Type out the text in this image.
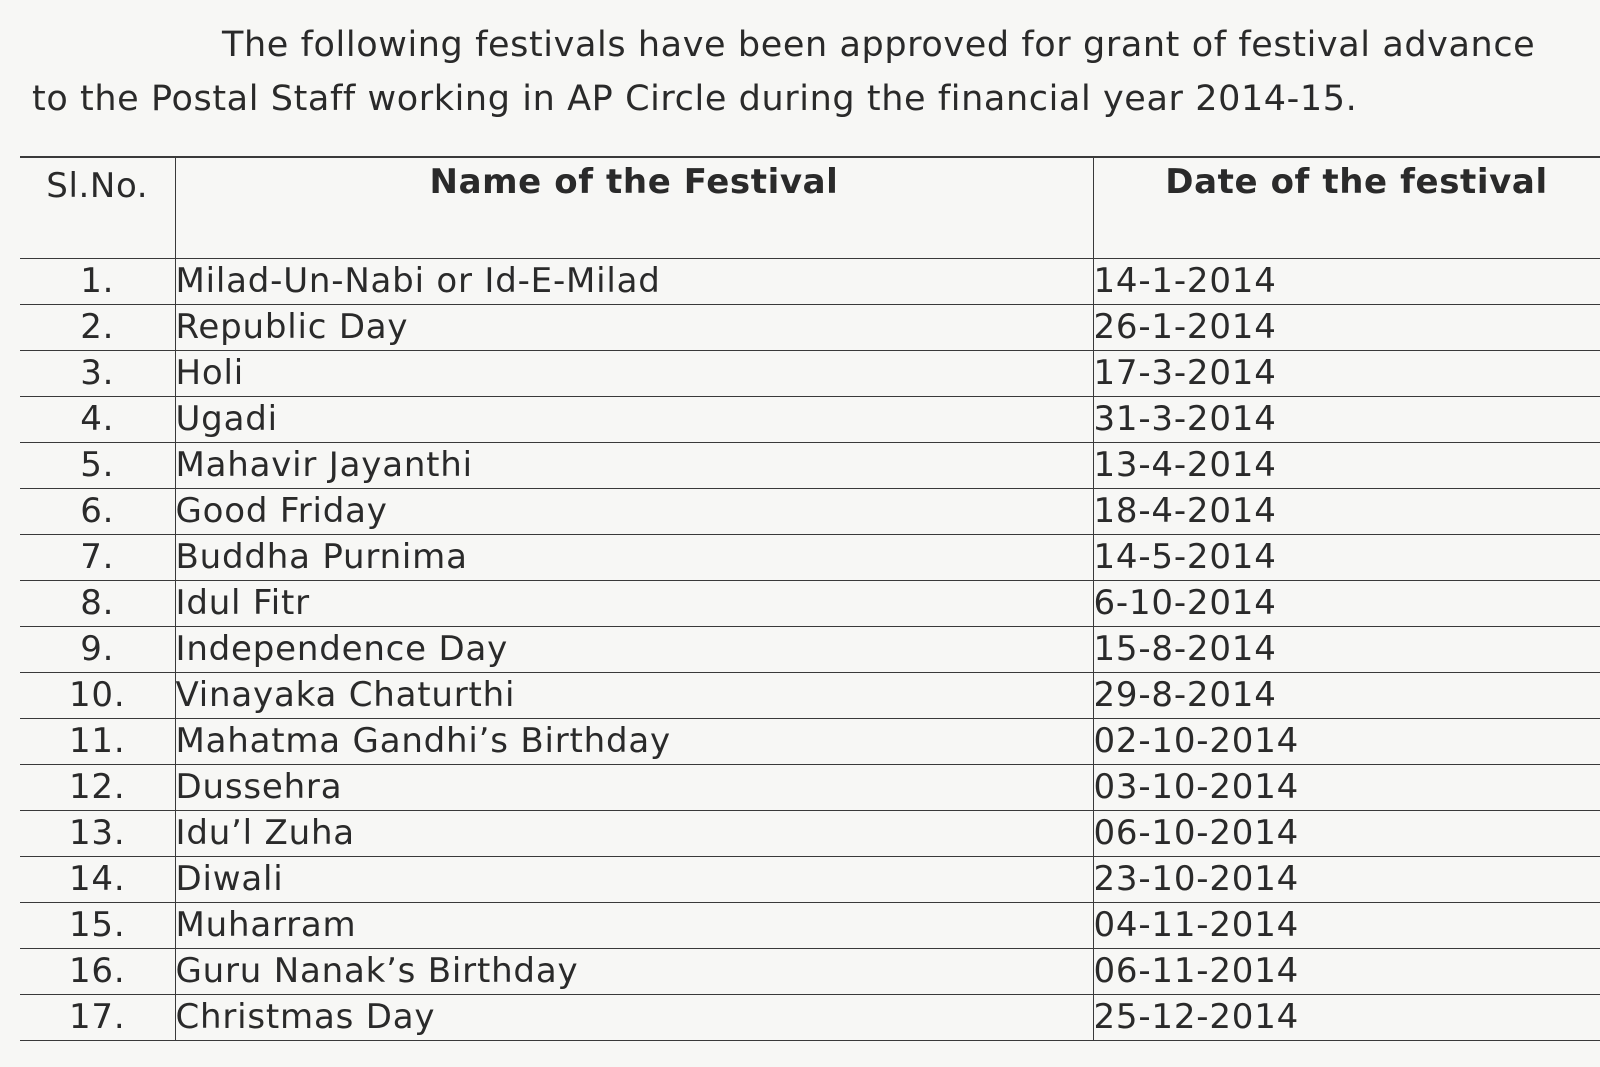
The following festivals have been approved for grant of festival advance
to the Postal Staff working in AP Circle during the financial year 2014-15.

Sl.No.	Name of the Festival	Date of the festival
1.	Milad-Un-Nabi or Id-E-Milad	14-1-2014
2.	Republic Day	26-1-2014
3.	Holi	17-3-2014
4.	Ugadi	31-3-2014
5.	Mahavir Jayanthi	13-4-2014
6.	Good Friday	18-4-2014
7.	Buddha Purnima	14-5-2014
8.	Idul Fitr	6-10-2014
9.	Independence Day	15-8-2014
10.	Vinayaka Chaturthi	29-8-2014
11.	Mahatma Gandhi’s Birthday	02-10-2014
12.	Dussehra	03-10-2014
13.	Idu’l Zuha	06-10-2014
14.	Diwali	23-10-2014
15.	Muharram	04-11-2014
16.	Guru Nanak’s Birthday	06-11-2014
17.	Christmas Day	25-12-2014
